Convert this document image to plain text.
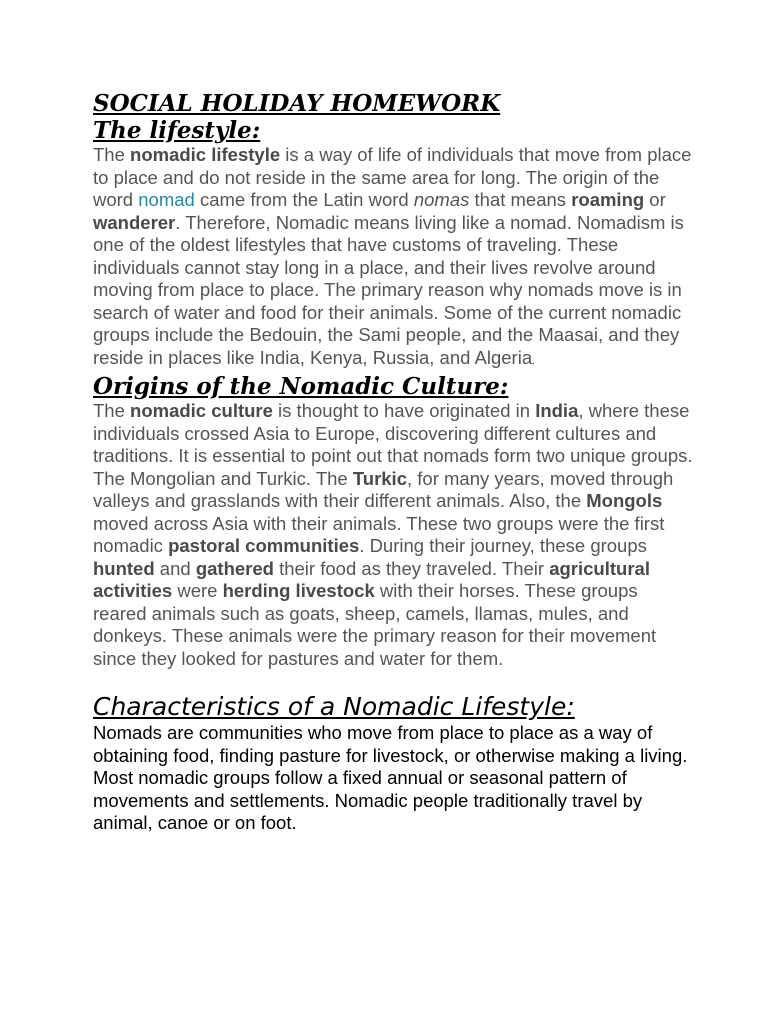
SOCIAL HOLIDAY HOMEWORK
The lifestyle:

The nomadic lifestyle is a way of life of individuals that move from place to place and do not reside in the same area for long. The origin of the word nomad came from the Latin word nomas that means roaming or wanderer. Therefore, Nomadic means living like a nomad. Nomadism is one of the oldest lifestyles that have customs of traveling. These individuals cannot stay long in a place, and their lives revolve around moving from place to place. The primary reason why nomads move is in search of water and food for their animals. Some of the current nomadic groups include the Bedouin, the Sami people, and the Maasai, and they reside in places like India, Kenya, Russia, and Algeria.

Origins of the Nomadic Culture:

The nomadic culture is thought to have originated in India, where these individuals crossed Asia to Europe, discovering different cultures and traditions. It is essential to point out that nomads form two unique groups. The Mongolian and Turkic. The Turkic, for many years, moved through valleys and grasslands with their different animals. Also, the Mongols moved across Asia with their animals. These two groups were the first nomadic pastoral communities. During their journey, these groups hunted and gathered their food as they traveled. Their agricultural activities were herding livestock with their horses. These groups reared animals such as goats, sheep, camels, llamas, mules, and donkeys. These animals were the primary reason for their movement since they looked for pastures and water for them.

Characteristics of a Nomadic Lifestyle:

Nomads are communities who move from place to place as a way of obtaining food, finding pasture for livestock, or otherwise making a living. Most nomadic groups follow a fixed annual or seasonal pattern of movements and settlements. Nomadic people traditionally travel by animal, canoe or on foot.
